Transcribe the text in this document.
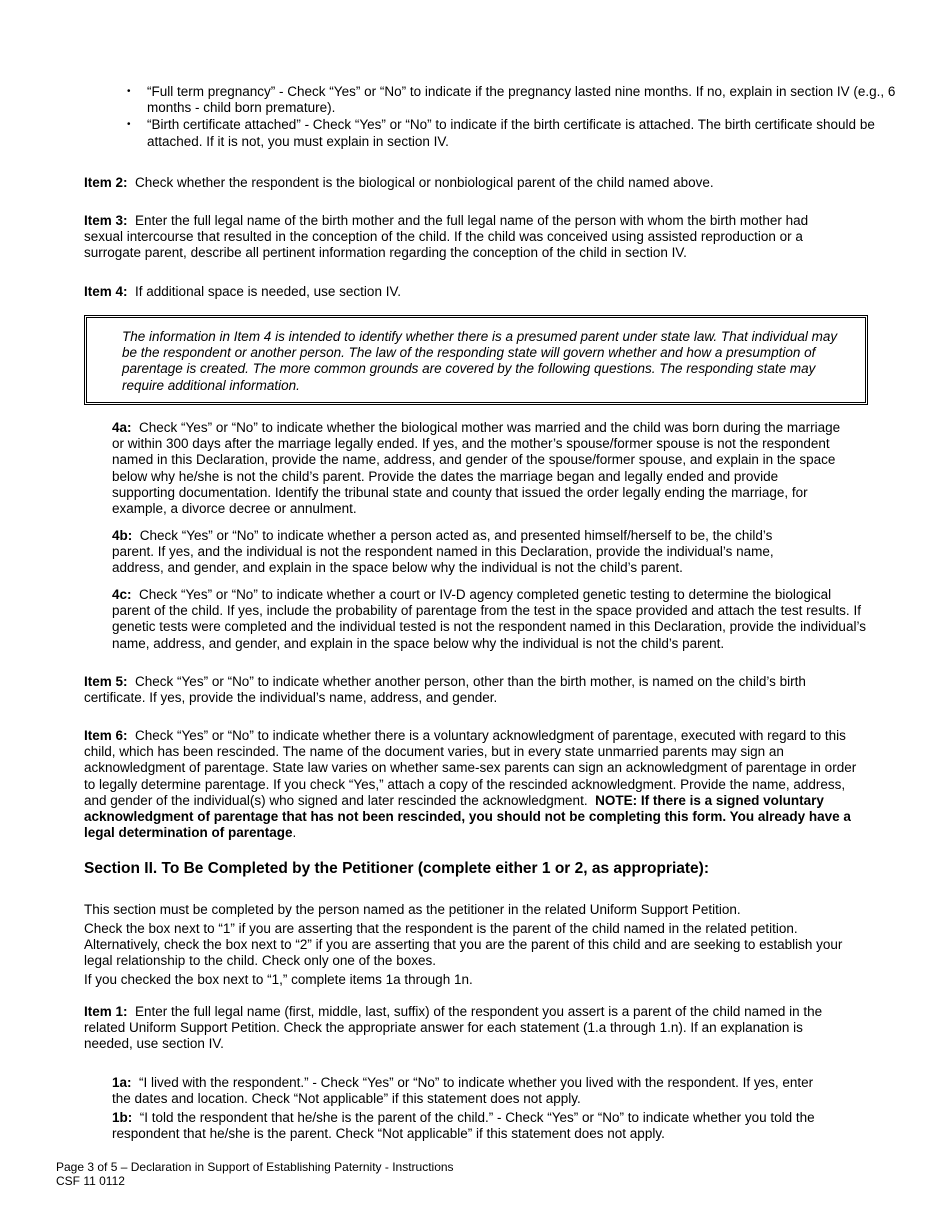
• “Full term pregnancy” - Check “Yes” or “No” to indicate if the pregnancy lasted nine months. If no, explain in section IV (e.g., 6 months - child born premature).
• “Birth certificate attached” - Check “Yes” or “No” to indicate if the birth certificate is attached. The birth certificate should be attached. If it is not, you must explain in section IV.

Item 2: Check whether the respondent is the biological or nonbiological parent of the child named above.

Item 3: Enter the full legal name of the birth mother and the full legal name of the person with whom the birth mother had sexual intercourse that resulted in the conception of the child. If the child was conceived using assisted reproduction or a surrogate parent, describe all pertinent information regarding the conception of the child in section IV.

Item 4: If additional space is needed, use section IV.

The information in Item 4 is intended to identify whether there is a presumed parent under state law. That individual may be the respondent or another person. The law of the responding state will govern whether and how a presumption of parentage is created. The more common grounds are covered by the following questions. The responding state may require additional information.

4a: Check “Yes” or “No” to indicate whether the biological mother was married and the child was born during the marriage or within 300 days after the marriage legally ended. If yes, and the mother’s spouse/former spouse is not the respondent named in this Declaration, provide the name, address, and gender of the spouse/former spouse, and explain in the space below why he/she is not the child’s parent. Provide the dates the marriage began and legally ended and provide supporting documentation. Identify the tribunal state and county that issued the order legally ending the marriage, for example, a divorce decree or annulment.

4b: Check “Yes” or “No” to indicate whether a person acted as, and presented himself/herself to be, the child’s parent. If yes, and the individual is not the respondent named in this Declaration, provide the individual’s name, address, and gender, and explain in the space below why the individual is not the child’s parent.

4c: Check “Yes” or “No” to indicate whether a court or IV-D agency completed genetic testing to determine the biological parent of the child. If yes, include the probability of parentage from the test in the space provided and attach the test results. If genetic tests were completed and the individual tested is not the respondent named in this Declaration, provide the individual’s name, address, and gender, and explain in the space below why the individual is not the child’s parent.

Item 5: Check “Yes” or “No” to indicate whether another person, other than the birth mother, is named on the child’s birth certificate. If yes, provide the individual’s name, address, and gender.

Item 6: Check “Yes” or “No” to indicate whether there is a voluntary acknowledgment of parentage, executed with regard to this child, which has been rescinded. The name of the document varies, but in every state unmarried parents may sign an acknowledgment of parentage. State law varies on whether same-sex parents can sign an acknowledgment of parentage in order to legally determine parentage. If you check “Yes,” attach a copy of the rescinded acknowledgment. Provide the name, address, and gender of the individual(s) who signed and later rescinded the acknowledgment. NOTE: If there is a signed voluntary acknowledgment of parentage that has not been rescinded, you should not be completing this form. You already have a legal determination of parentage.

Section II. To Be Completed by the Petitioner (complete either 1 or 2, as appropriate):

This section must be completed by the person named as the petitioner in the related Uniform Support Petition.

Check the box next to “1” if you are asserting that the respondent is the parent of the child named in the related petition. Alternatively, check the box next to “2” if you are asserting that you are the parent of this child and are seeking to establish your legal relationship to the child. Check only one of the boxes.

If you checked the box next to “1,” complete items 1a through 1n.

Item 1: Enter the full legal name (first, middle, last, suffix) of the respondent you assert is a parent of the child named in the related Uniform Support Petition. Check the appropriate answer for each statement (1.a through 1.n). If an explanation is needed, use section IV.

1a: “I lived with the respondent.” - Check “Yes” or “No” to indicate whether you lived with the respondent. If yes, enter the dates and location. Check “Not applicable” if this statement does not apply.

1b: “I told the respondent that he/she is the parent of the child.” - Check “Yes” or “No” to indicate whether you told the respondent that he/she is the parent. Check “Not applicable” if this statement does not apply.

Page 3 of 5 – Declaration in Support of Establishing Paternity - Instructions
CSF 11 0112
